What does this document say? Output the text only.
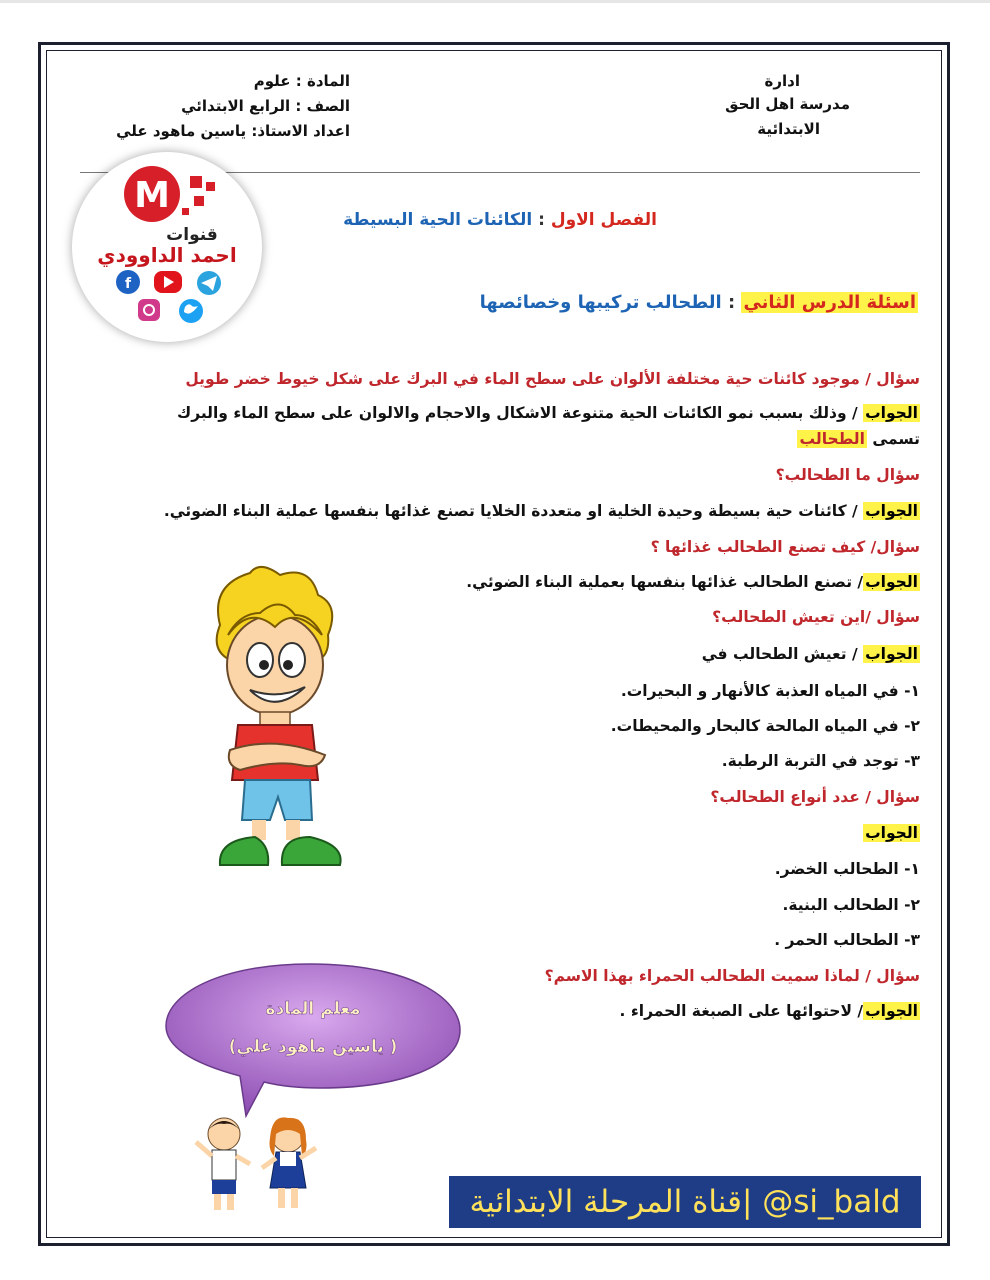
ادارة
مدرسة اهل الحق
الابتدائية
المادة : علوم
الصف : الرابع الابتدائي
اعداد الاستاذ: ياسين ماهود علي
M
قنوات
احمد الداوودي
f
الفصل الاول : الكائنات الحية البسيطة
اسئلة الدرس الثاني : الطحالب تركيبها وخصائصها
سؤال / موجود كائنات حية مختلفة الألوان على سطح الماء في البرك على شكل خيوط خضر طويل
الجواب / وذلك بسبب نمو الكائنات الحية متنوعة الاشكال والاحجام والالوان على سطح الماء والبرك
تسمى الطحالب
سؤال ما الطحالب؟
الجواب / كائنات حية بسيطة وحيدة الخلية او متعددة الخلايا تصنع غذائها بنفسها عملية البناء الضوئي.
سؤال/ كيف تصنع الطحالب غذائها ؟
الجواب/ تصنع الطحالب غذائها بنفسها بعملية البناء الضوئي.
سؤال /اين تعيش الطحالب؟
الجواب / تعيش الطحالب في
١- في المياه العذبة كالأنهار و البحيرات.
٢- في المياه المالحة كالبحار والمحيطات.
٣- توجد في التربة الرطبة.
سؤال / عدد أنواع الطحالب؟
الجواب
١- الطحالب الخضر.
٢- الطحالب البنية.
٣- الطحالب الحمر .
سؤال / لماذا سميت الطحالب الحمراء بهذا الاسم؟
الجواب/ لاحتوائها على الصبغة الحمراء .
معلم المادة
( ياسين ماهود علي)
قناة المرحلة الابتدائية| @si_bald
